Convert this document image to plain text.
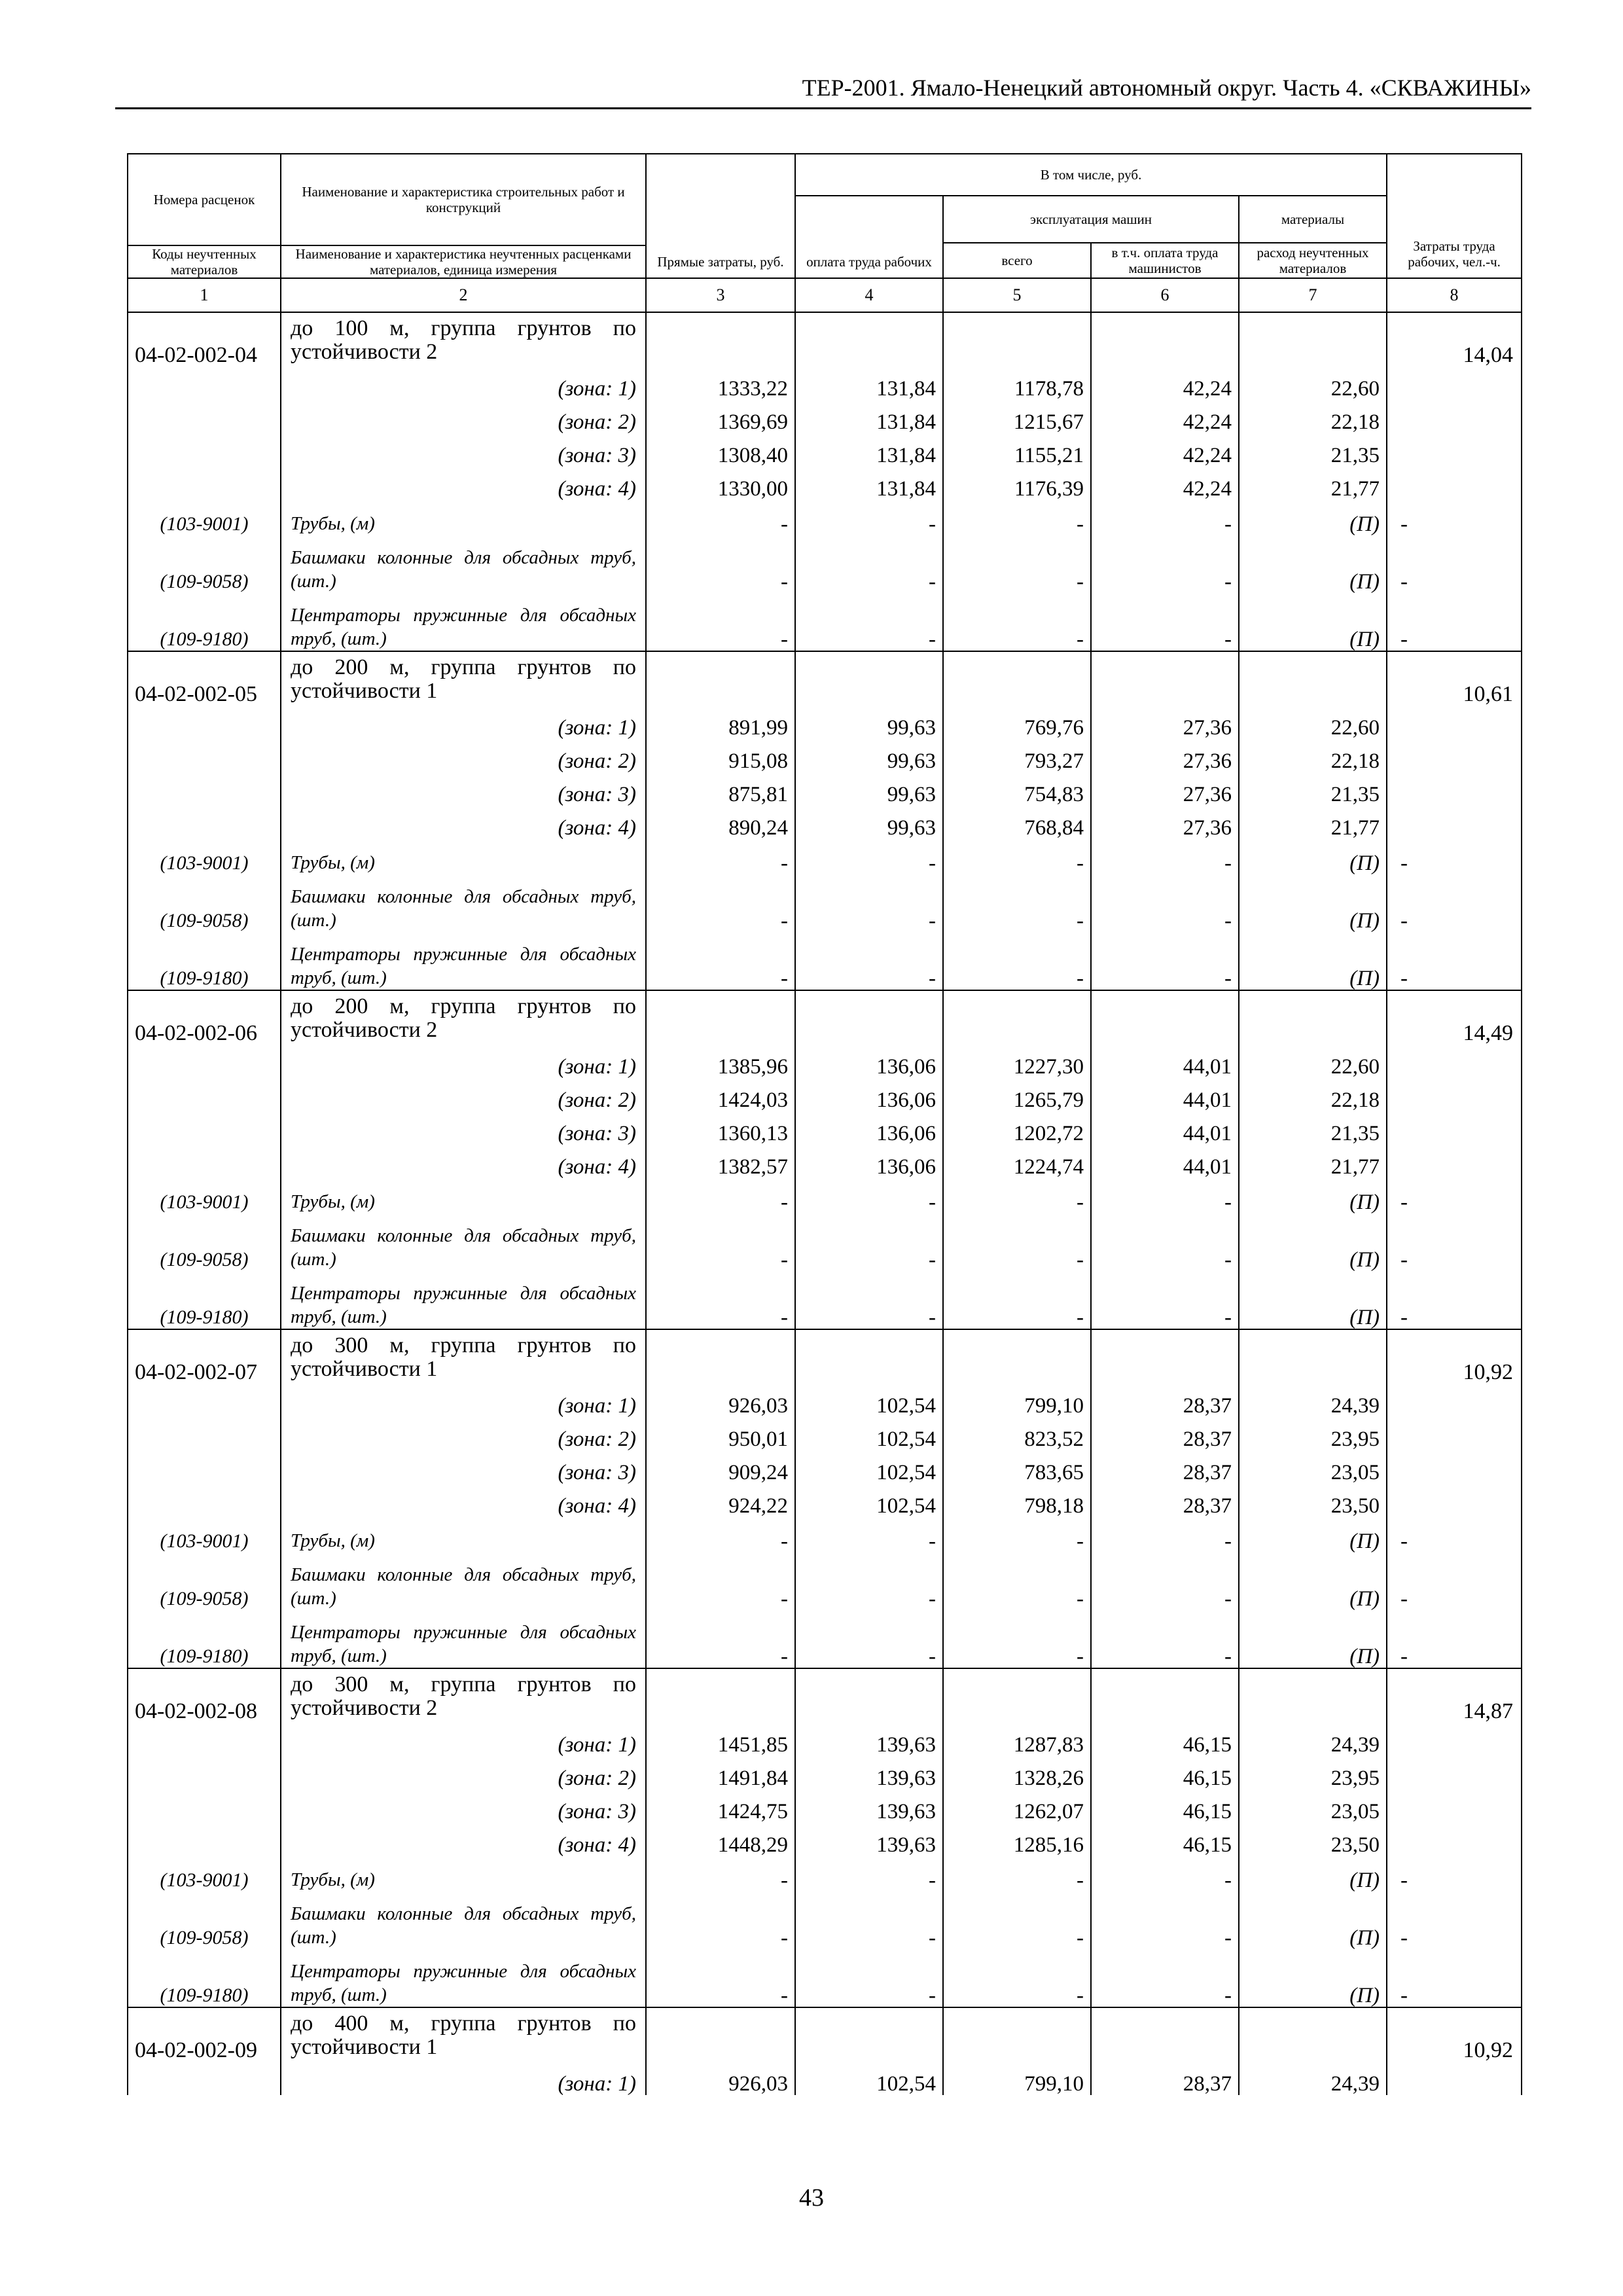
ТЕР-2001. Ямало-Ненецкий автономный округ. Часть 4. «СКВАЖИНЫ»
Номера расценок	Наименование и характеристика строительных работ и конструкций	Прямые затраты, руб.	В том числе, руб.				Затраты труда рабочих, чел.-ч.
			оплата труда рабочих	эксплуатация машин		материалы	
				всего	в т.ч. оплата труда машинистов	расход неучтенных материалов	
Коды неучтенных материалов	Наименование и характеристика неучтенных расценками материалов, единица измерения						

1	2	3	4	5	6	7	8
04-02-002-04	до 100 м, группа грунтов по устойчивости 2						14,04
	(зона: 1)	1333,22	131,84	1178,78	42,24	22,60	
	(зона: 2)	1369,69	131,84	1215,67	42,24	22,18	
	(зона: 3)	1308,40	131,84	1155,21	42,24	21,35	
	(зона: 4)	1330,00	131,84	1176,39	42,24	21,77	
(103-9001)	Трубы, (м)	-	-	-	-	(П)	-
(109-9058)	Башмаки колонные для обсадных труб, (шт.)	-	-	-	-	(П)	-
(109-9180)	Центраторы пружинные для обсадных труб, (шт.)	-	-	-	-	(П)	-
04-02-002-05	до 200 м, группа грунтов по устойчивости 1						10,61
	(зона: 1)	891,99	99,63	769,76	27,36	22,60	
	(зона: 2)	915,08	99,63	793,27	27,36	22,18	
	(зона: 3)	875,81	99,63	754,83	27,36	21,35	
	(зона: 4)	890,24	99,63	768,84	27,36	21,77	
(103-9001)	Трубы, (м)	-	-	-	-	(П)	-
(109-9058)	Башмаки колонные для обсадных труб, (шт.)	-	-	-	-	(П)	-
(109-9180)	Центраторы пружинные для обсадных труб, (шт.)	-	-	-	-	(П)	-
04-02-002-06	до 200 м, группа грунтов по устойчивости 2						14,49
	(зона: 1)	1385,96	136,06	1227,30	44,01	22,60	
	(зона: 2)	1424,03	136,06	1265,79	44,01	22,18	
	(зона: 3)	1360,13	136,06	1202,72	44,01	21,35	
	(зона: 4)	1382,57	136,06	1224,74	44,01	21,77	
(103-9001)	Трубы, (м)	-	-	-	-	(П)	-
(109-9058)	Башмаки колонные для обсадных труб, (шт.)	-	-	-	-	(П)	-
(109-9180)	Центраторы пружинные для обсадных труб, (шт.)	-	-	-	-	(П)	-
04-02-002-07	до 300 м, группа грунтов по устойчивости 1						10,92
	(зона: 1)	926,03	102,54	799,10	28,37	24,39	
	(зона: 2)	950,01	102,54	823,52	28,37	23,95	
	(зона: 3)	909,24	102,54	783,65	28,37	23,05	
	(зона: 4)	924,22	102,54	798,18	28,37	23,50	
(103-9001)	Трубы, (м)	-	-	-	-	(П)	-
(109-9058)	Башмаки колонные для обсадных труб, (шт.)	-	-	-	-	(П)	-
(109-9180)	Центраторы пружинные для обсадных труб, (шт.)	-	-	-	-	(П)	-
04-02-002-08	до 300 м, группа грунтов по устойчивости 2						14,87
	(зона: 1)	1451,85	139,63	1287,83	46,15	24,39	
	(зона: 2)	1491,84	139,63	1328,26	46,15	23,95	
	(зона: 3)	1424,75	139,63	1262,07	46,15	23,05	
	(зона: 4)	1448,29	139,63	1285,16	46,15	23,50	
(103-9001)	Трубы, (м)	-	-	-	-	(П)	-
(109-9058)	Башмаки колонные для обсадных труб, (шт.)	-	-	-	-	(П)	-
(109-9180)	Центраторы пружинные для обсадных труб, (шт.)	-	-	-	-	(П)	-
04-02-002-09	до 400 м, группа грунтов по устойчивости 1						10,92
	(зона: 1)	926,03	102,54	799,10	28,37	24,39	
43
